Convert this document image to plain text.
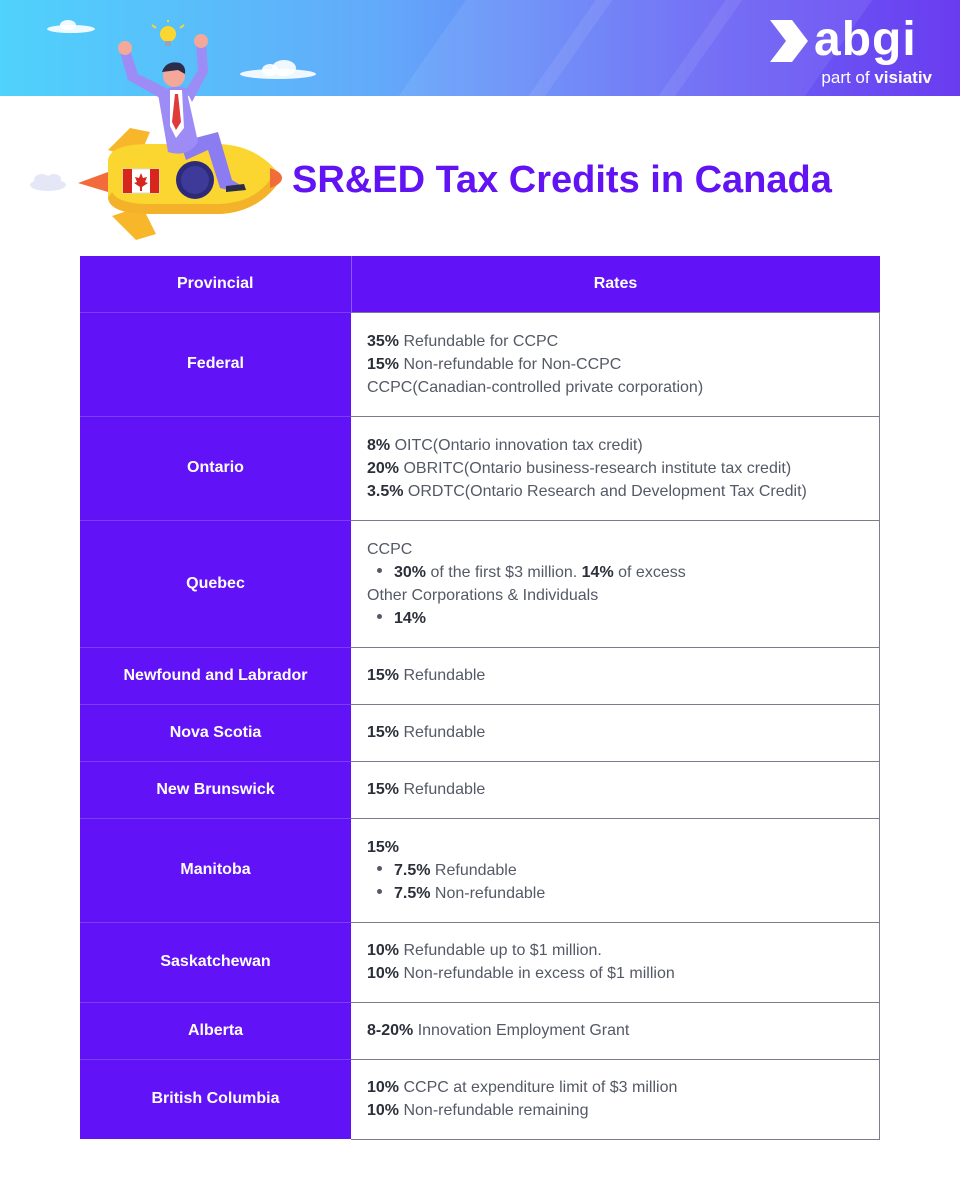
abgi
part of visiativ
SR&ED Tax Credits in Canada
Provincial	Rates
Federal	35% Refundable for CCPC
15% Non-refundable for Non-CCPC
CCPC(Canadian-controlled private corporation)

Ontario	8% OITC(Ontario innovation tax credit)
20% OBRITC(Ontario business-research institute tax credit)
3.5% ORDTC(Ontario Research and Development Tax Credit)

Quebec	CCPC
30% of the first $3 million. 14% of excess
Other Corporations & Individuals
14%

Newfound and Labrador	15% Refundable

Nova Scotia	15% Refundable

New Brunswick	15% Refundable

Manitoba	15%
7.5% Refundable
7.5% Non-refundable

Saskatchewan	10% Refundable up to $1 million.
10% Non-refundable in excess of $1 million

Alberta	8-20% Innovation Employment Grant

British Columbia	10% CCPC at expenditure limit of $3 million
10% Non-refundable remaining
